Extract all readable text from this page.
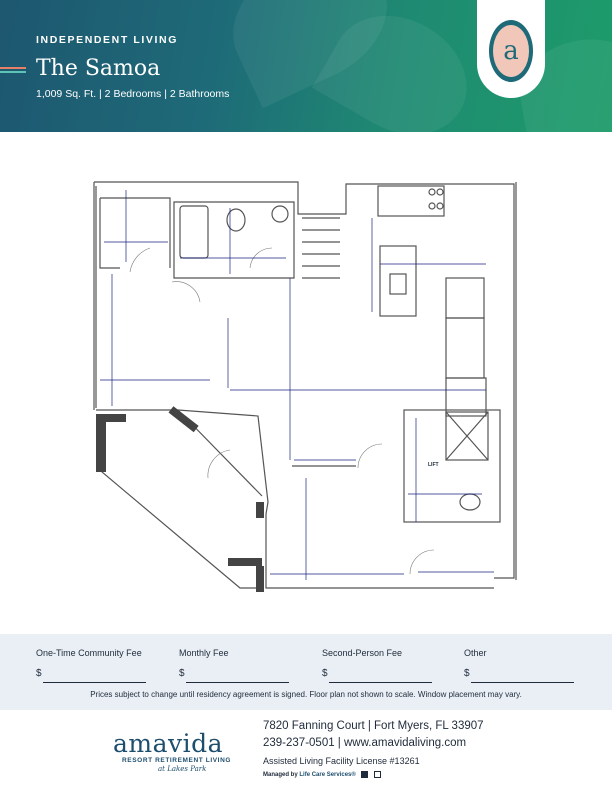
INDEPENDENT LIVING
The Samoa
1,009 Sq. Ft. | 2 Bedrooms | 2 Bathrooms
a
LIFT
One-Time Community Fee	Monthly Fee	Second-Person Fee	Other
$	$	$	$
Prices subject to change until residency agreement is signed. Floor plan not shown to scale. Window placement may vary.
amavida
RESORT RETIREMENT LIVING
at Lakes Park
7820 Fanning Court | Fort Myers, FL 33907
239-237-0501 | www.amavidaliving.com
Assisted Living Facility License #13261
Managed by Life Care Services®
